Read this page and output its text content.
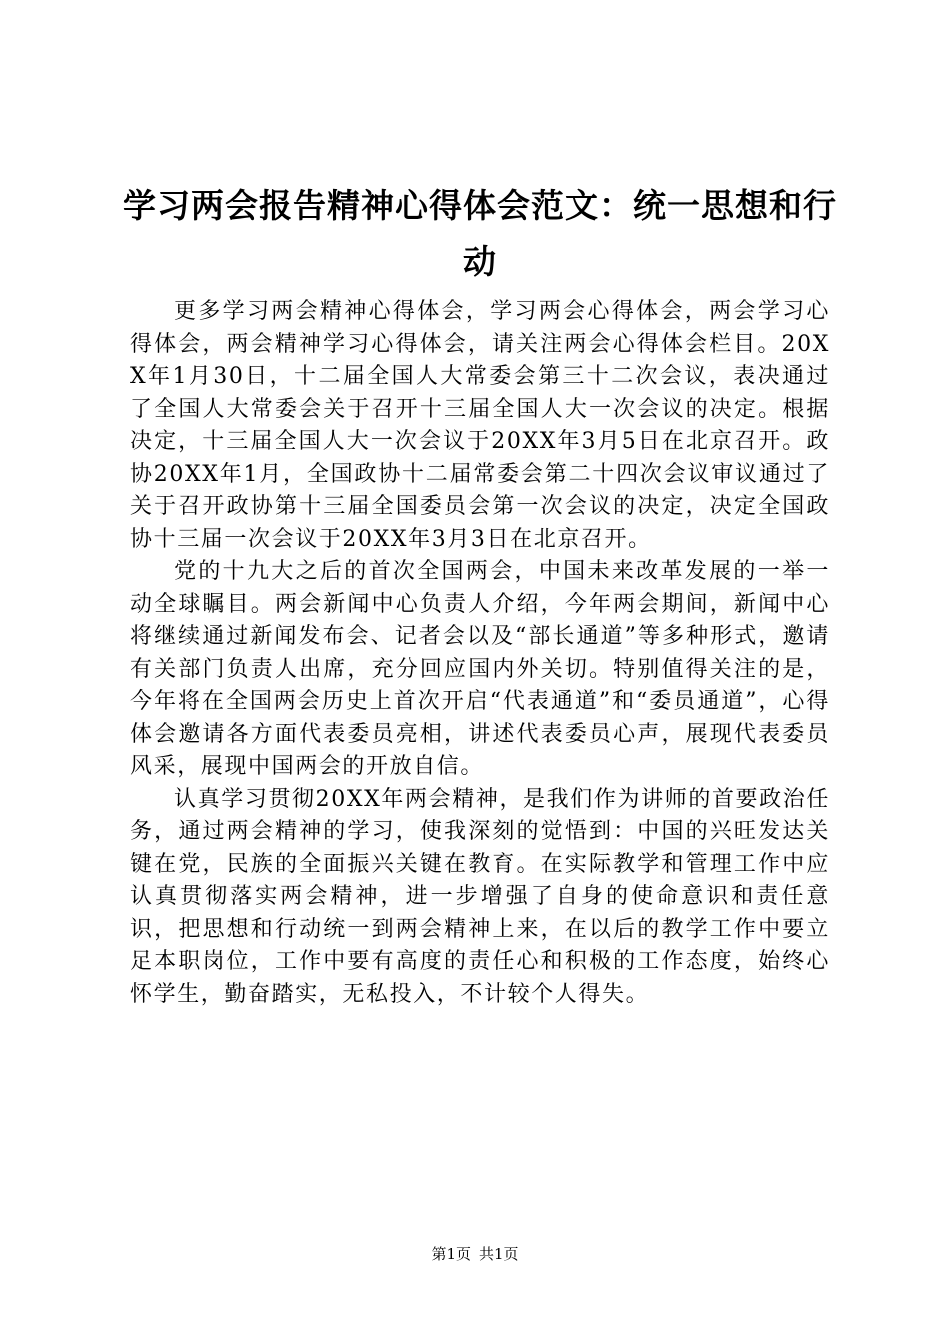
学习两会报告精神心得体会范文：统一思想和行动

更多学习两会精神心得体会，学习两会心得体会，两会学习心得体会，两会精神学习心得体会，请关注两会心得体会栏目。20XX年1月30日，十二届全国人大常委会第三十二次会议，表决通过了全国人大常委会关于召开十三届全国人大一次会议的决定。根据决定，十三届全国人大一次会议于20XX年3月5日在北京召开。政协20XX年1月，全国政协十二届常委会第二十四次会议审议通过了关于召开政协第十三届全国委员会第一次会议的决定，决定全国政协十三届一次会议于20XX年3月3日在北京召开。

党的十九大之后的首次全国两会，中国未来改革发展的一举一动全球瞩目。两会新闻中心负责人介绍，今年两会期间，新闻中心将继续通过新闻发布会、记者会以及“部长通道”等多种形式，邀请有关部门负责人出席，充分回应国内外关切。特别值得关注的是，今年将在全国两会历史上首次开启“代表通道”和“委员通道”，心得体会邀请各方面代表委员亮相，讲述代表委员心声，展现代表委员风采，展现中国两会的开放自信。

认真学习贯彻20XX年两会精神，是我们作为讲师的首要政治任务，通过两会精神的学习，使我深刻的觉悟到：中国的兴旺发达关键在党，民族的全面振兴关键在教育。在实际教学和管理工作中应认真贯彻落实两会精神，进一步增强了自身的使命意识和责任意识，把思想和行动统一到两会精神上来，在以后的教学工作中要立足本职岗位，工作中要有高度的责任心和积极的工作态度，始终心怀学生，勤奋踏实，无私投入，不计较个人得失。

第1页 共1页
